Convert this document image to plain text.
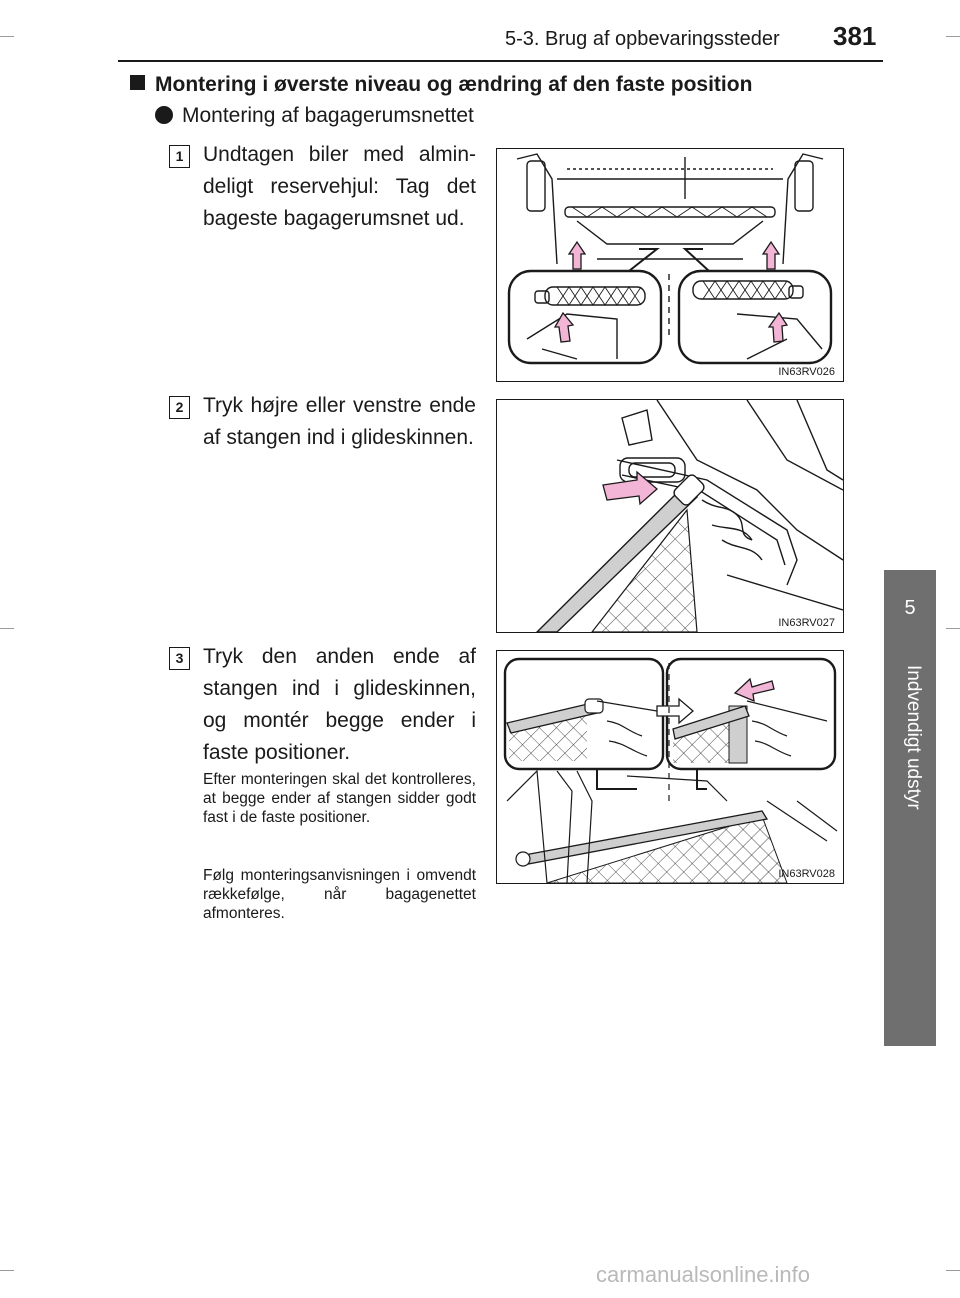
5-3. Brug af opbevaringssteder 381
5
Indvendigt udstyr
Montering i øverste niveau og ændring af den faste position
Montering af bagagerumsnettet
1 Undtagen biler med almindeligt reservehjul: Tag det bageste bagagerumsnet ud.
IN63RV026
2 Tryk højre eller venstre ende af stangen ind i glideskinnen.
IN63RV027
3 Tryk den anden ende af stangen ind i glideskinnen, og montér begge ender i faste positioner.
Efter monteringen skal det kontrolleres, at begge ender af stangen sidder godt fast i de faste positioner.
Følg monteringsanvisningen i omvendt rækkefølge, når bagagenettet afmonteres.
IN63RV028
carmanualsonline.info
